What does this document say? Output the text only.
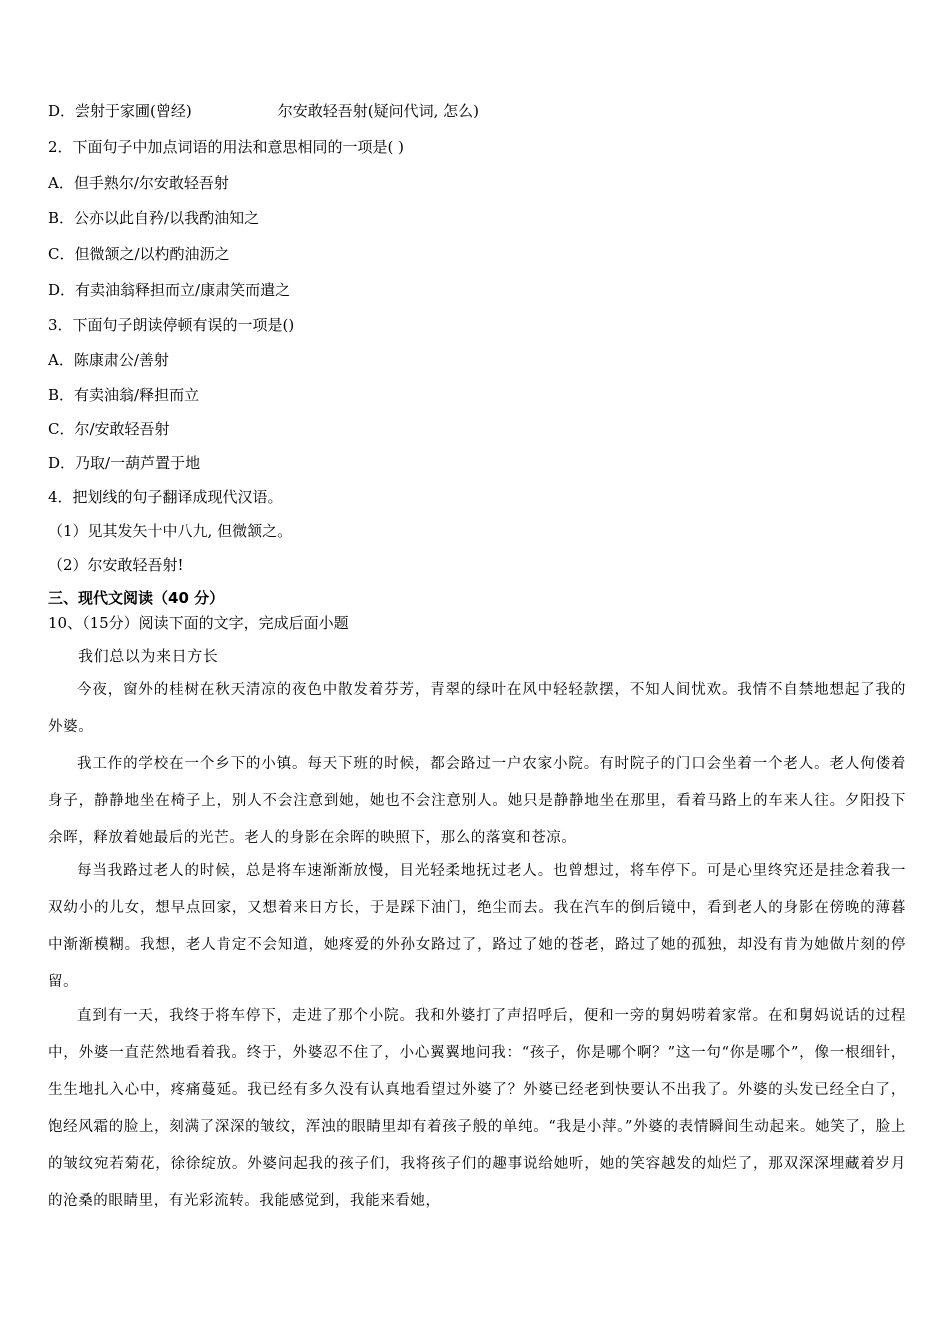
D．尝射于家圃(曾经)	尔安敢轻吾射(疑问代词, 怎么)
2．下面句子中加点词语的用法和意思相同的一项是( )
A．但手熟尔/尔安敢轻吾射
B．公亦以此自矜/以我酌油知之
C．但微颔之/以杓酌油沥之
D．有卖油翁释担而立/康肃笑而遣之
3．下面句子朗读停顿有误的一项是()
A．陈康肃公/善射
B．有卖油翁/释担而立
C．尔/安敢轻吾射
D．乃取/一葫芦置于地
4．把划线的句子翻译成现代汉语。
（1）见其发矢十中八九, 但微颔之。
（2）尔安敢轻吾射!
三、现代文阅读（40 分）
10、（15分）阅读下面的文字，完成后面小题
我们总以为来日方长
今夜，窗外的桂树在秋天清凉的夜色中散发着芬芳，青翠的绿叶在风中轻轻款摆，不知人间忧欢。我情不自禁地想起了我的外婆。
我工作的学校在一个乡下的小镇。每天下班的时候，都会路过一户农家小院。有时院子的门口会坐着一个老人。老人佝偻着身子，静静地坐在椅子上，别人不会注意到她，她也不会注意别人。她只是静静地坐在那里，看着马路上的车来人往。夕阳投下余晖，释放着她最后的光芒。老人的身影在余晖的映照下，那么的落寞和苍凉。
每当我路过老人的时候，总是将车速渐渐放慢，目光轻柔地抚过老人。也曾想过，将车停下。可是心里终究还是挂念着我一双幼小的儿女，想早点回家，又想着来日方长，于是踩下油门，绝尘而去。我在汽车的倒后镜中，看到老人的身影在傍晚的薄暮中渐渐模糊。我想，老人肯定不会知道，她疼爱的外孙女路过了，路过了她的苍老，路过了她的孤独，却没有肯为她做片刻的停留。
直到有一天，我终于将车停下，走进了那个小院。我和外婆打了声招呼后，便和一旁的舅妈唠着家常。在和舅妈说话的过程中，外婆一直茫然地看着我。终于，外婆忍不住了，小心翼翼地问我：“孩子，你是哪个啊？”这一句“你是哪个”，像一根细针，生生地扎入心中，疼痛蔓延。我已经有多久没有认真地看望过外婆了？外婆已经老到快要认不出我了。外婆的头发已经全白了，饱经风霜的脸上，刻满了深深的皱纹，浑浊的眼睛里却有着孩子般的单纯。“我是小萍。”外婆的表情瞬间生动起来。她笑了，脸上的皱纹宛若菊花，徐徐绽放。外婆问起我的孩子们，我将孩子们的趣事说给她听，她的笑容越发的灿烂了，那双深深埋藏着岁月的沧桑的眼睛里，有光彩流转。我能感觉到，我能来看她，
